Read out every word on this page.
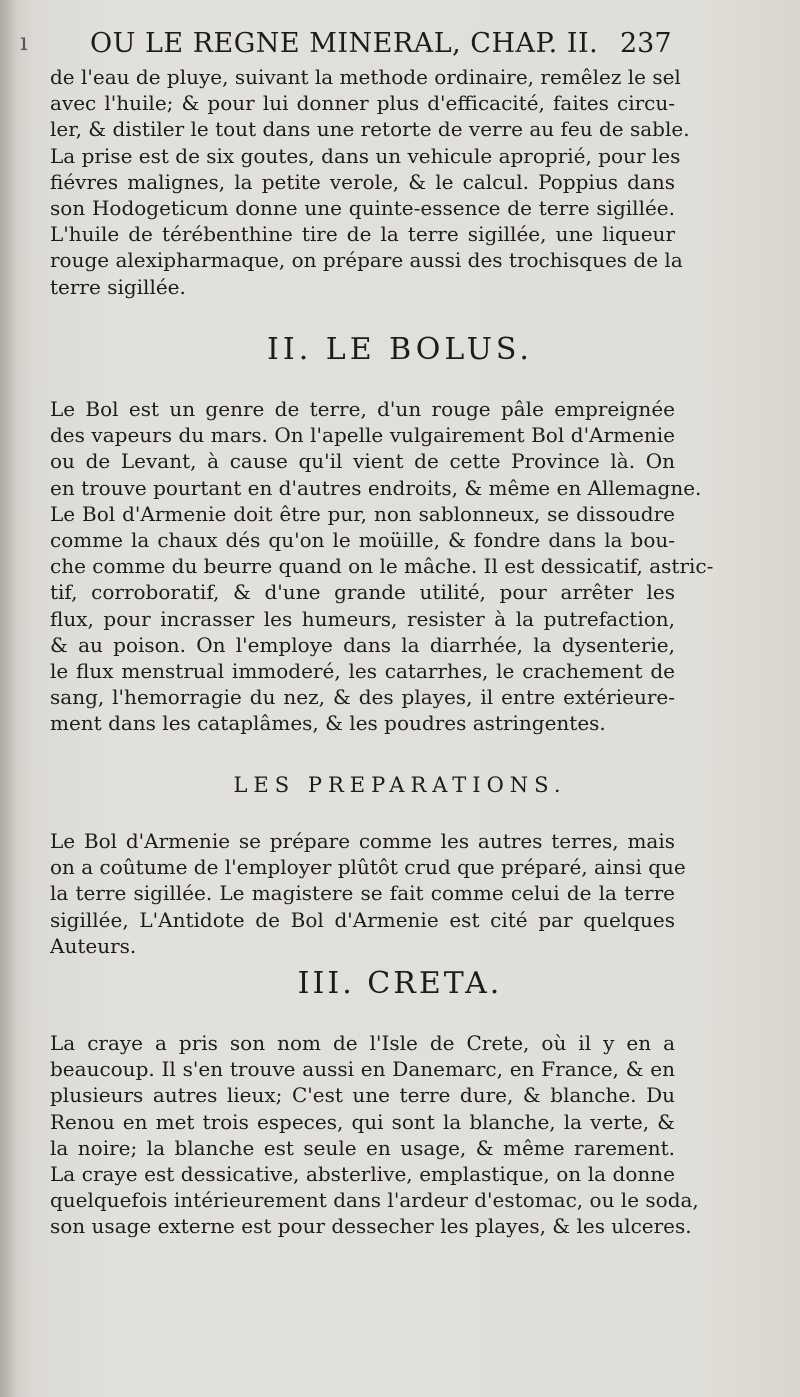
ı OU LE REGNE MINERAL, CHAP. II. 237
de l'eau de pluye, suivant la methode ordinaire, remêlez le sel
avec l'huile; & pour lui donner plus d'efficacité, faites circu-
ler, & distiler le tout dans une retorte de verre au feu de sable.
La prise est de six goutes, dans un vehicule aproprié, pour les
fiévres malignes, la petite verole, & le calcul. Poppius dans
son Hodogeticum donne une quinte-essence de terre sigillée.
L'huile de térébenthine tire de la terre sigillée, une liqueur
rouge alexipharmaque, on prépare aussi des trochisques de la
terre sigillée.
II. LE BOLUS.
Le Bol est un genre de terre, d'un rouge pâle empreignée
des vapeurs du mars. On l'apelle vulgairement Bol d'Armenie
ou de Levant, à cause qu'il vient de cette Province là. On
en trouve pourtant en d'autres endroits, & même en Allemagne.
Le Bol d'Armenie doit être pur, non sablonneux, se dissoudre
comme la chaux dés qu'on le moüille, & fondre dans la bou-
che comme du beurre quand on le mâche. Il est dessicatif, astric-
tif, corroboratif, & d'une grande utilité, pour arrêter les
flux, pour incrasser les humeurs, resister à la putrefaction,
& au poison. On l'employe dans la diarrhée, la dysenterie,
le flux menstrual immoderé, les catarrhes, le crachement de
sang, l'hemorragie du nez, & des playes, il entre extérieure-
ment dans les cataplâmes, & les poudres astringentes.
LES PREPARATIONS.
Le Bol d'Armenie se prépare comme les autres terres, mais
on a coûtume de l'employer plûtôt crud que préparé, ainsi que
la terre sigillée. Le magistere se fait comme celui de la terre
sigillée, L'Antidote de Bol d'Armenie est cité par quelques
Auteurs.
III. CRETA.
La craye a pris son nom de l'Isle de Crete, où il y en a
beaucoup. Il s'en trouve aussi en Danemarc, en France, & en
plusieurs autres lieux; C'est une terre dure, & blanche. Du
Renou en met trois especes, qui sont la blanche, la verte, &
la noire; la blanche est seule en usage, & même rarement.
La craye est dessicative, absterlive, emplastique, on la donne
quelquefois intérieurement dans l'ardeur d'estomac, ou le soda,
son usage externe est pour dessecher les playes, & les ulceres.
